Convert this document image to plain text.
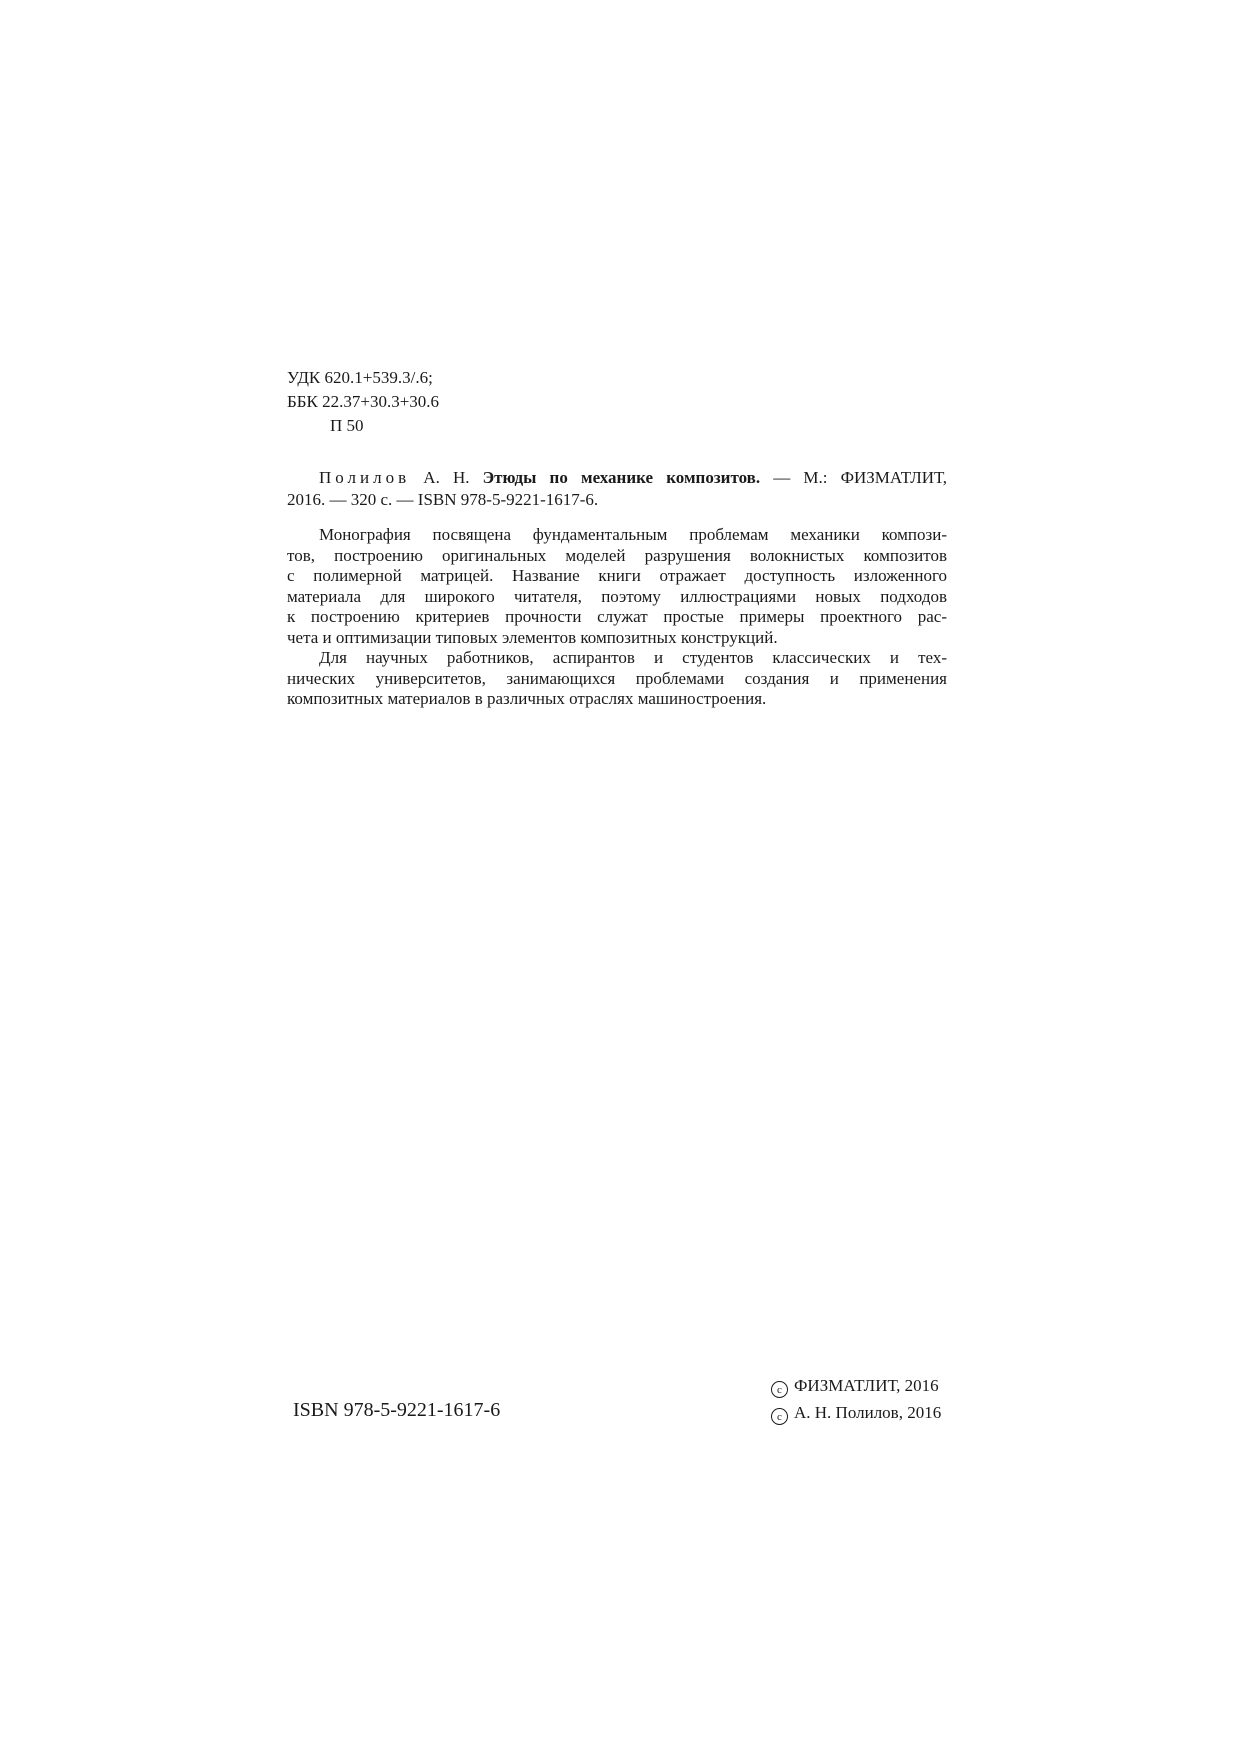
УДК 620.1+539.3/.6;
ББК 22.37+30.3+30.6
П 50
Полилов А. Н. Этюды по механике композитов. — М.: ФИЗМАТЛИТ,
2016. — 320 с. — ISBN 978-5-9221-1617-6.
Монография посвящена фундаментальным проблемам механики компози-
тов, построению оригинальных моделей разрушения волокнистых композитов
с полимерной матрицей. Название книги отражает доступность изложенного
материала для широкого читателя, поэтому иллюстрациями новых подходов
к построению критериев прочности служат простые примеры проектного рас-
чета и оптимизации типовых элементов композитных конструкций.
Для научных работников, аспирантов и студентов классических и тех-
нических университетов, занимающихся проблемами создания и применения
композитных материалов в различных отраслях машиностроения.
ISBN 978-5-9221-1617-6
c ФИЗМАТЛИТ, 2016
c А. Н. Полилов, 2016
